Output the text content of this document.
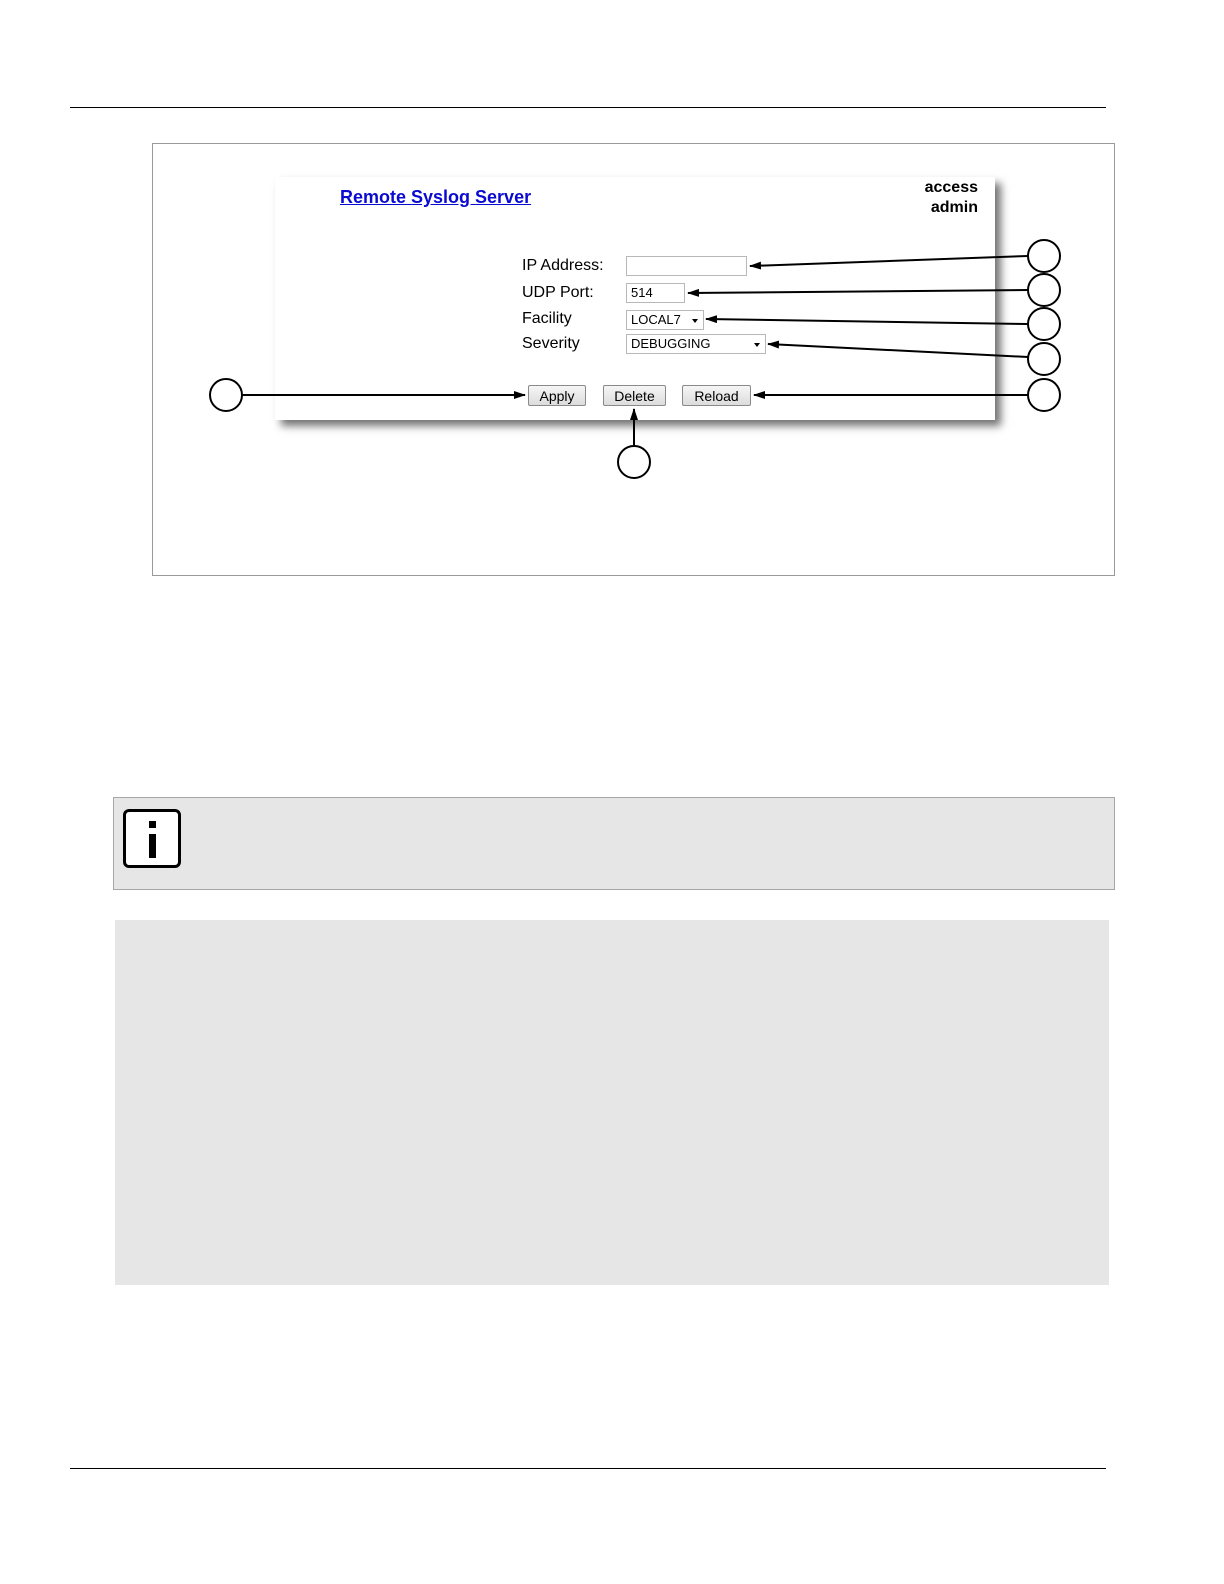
Remote Syslog Server	access
admin
IP Address:
UDP Port:	514
Facility	LOCAL7
Severity	DEBUGGING
Apply	Delete	Reload
